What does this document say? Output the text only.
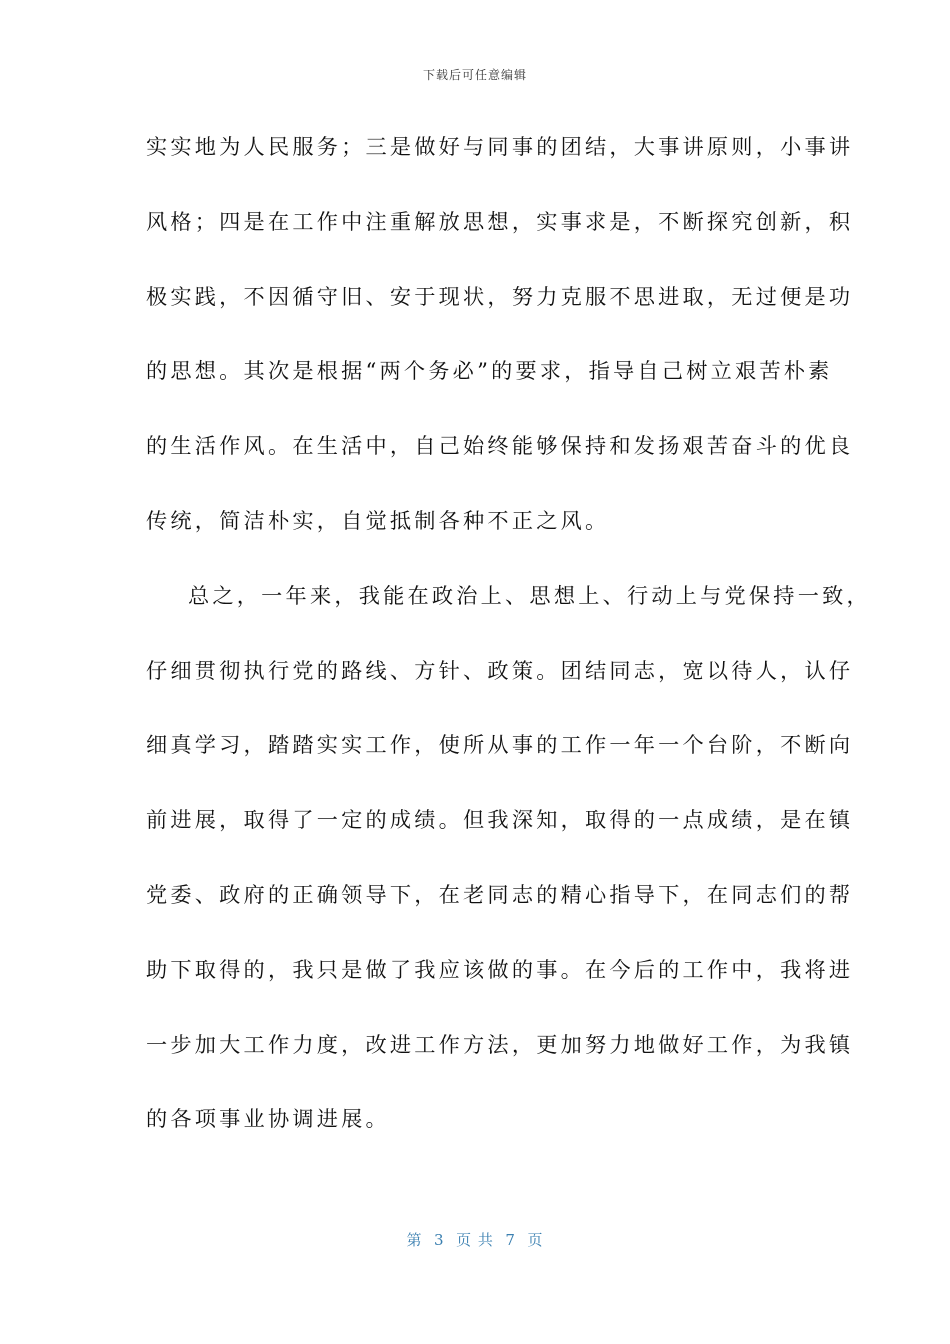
下载后可任意编辑
实实地为人民服务；三是做好与同事的团结，大事讲原则，小事讲
风格；四是在工作中注重解放思想，实事求是，不断探究创新，积
极实践，不因循守旧、安于现状，努力克服不思进取，无过便是功
的思想。其次是根据“两个务必”的要求，指导自己树立艰苦朴素
的生活作风。在生活中，自己始终能够保持和发扬艰苦奋斗的优良
传统，简洁朴实，自觉抵制各种不正之风。
总之，一年来，我能在政治上、思想上、行动上与党保持一致，
仔细贯彻执行党的路线、方针、政策。团结同志，宽以待人，认仔
细真学习，踏踏实实工作，使所从事的工作一年一个台阶，不断向
前进展，取得了一定的成绩。但我深知，取得的一点成绩，是在镇
党委、政府的正确领导下，在老同志的精心指导下，在同志们的帮
助下取得的，我只是做了我应该做的事。在今后的工作中，我将进
一步加大工作力度，改进工作方法，更加努力地做好工作，为我镇
的各项事业协调进展。
第  3  页 共  7  页
